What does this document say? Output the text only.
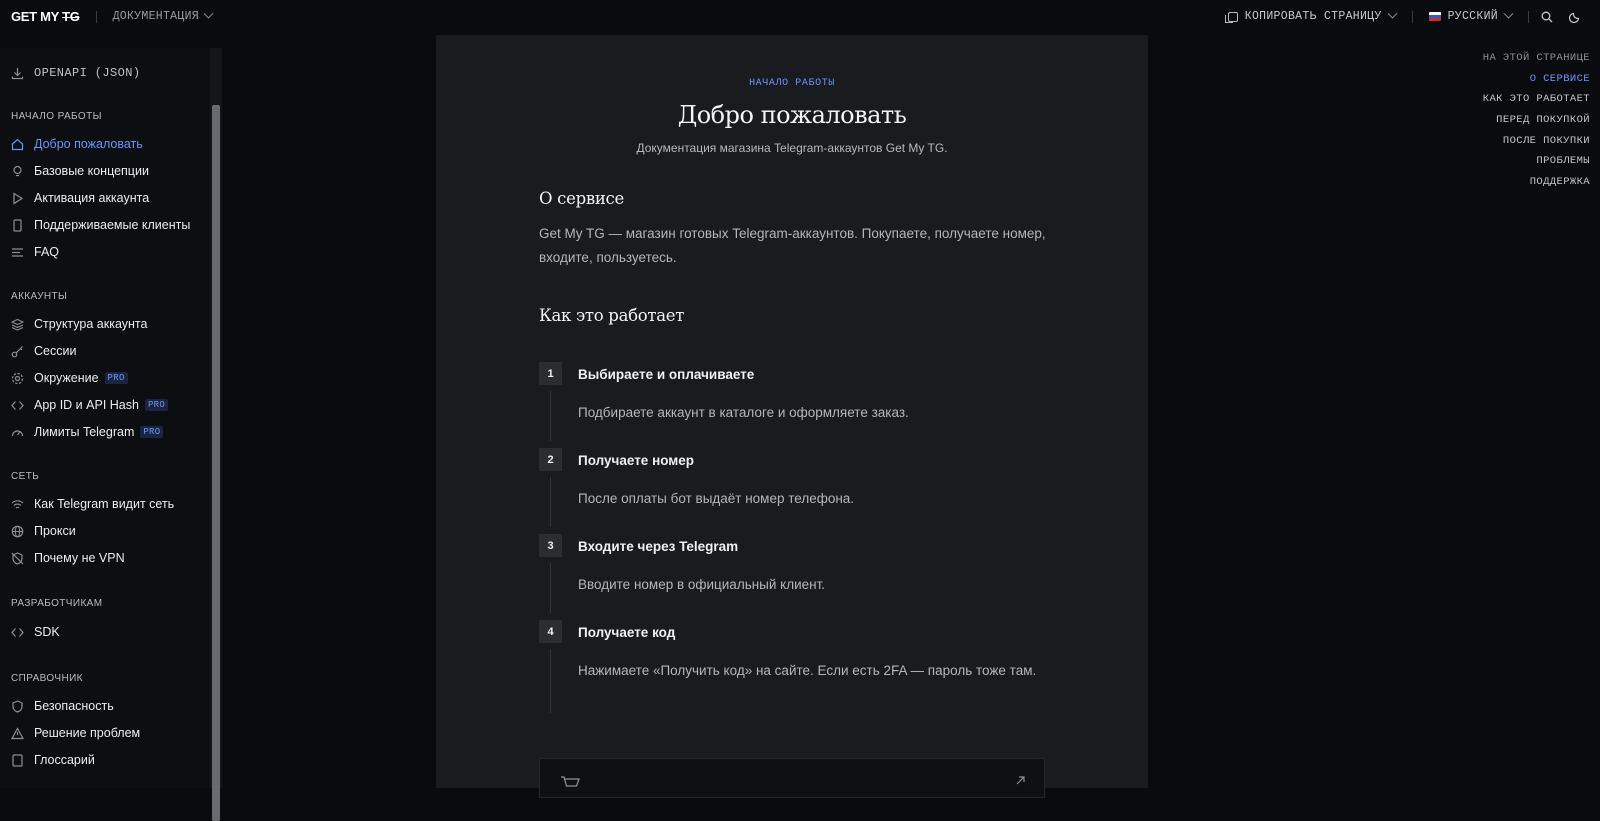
GET MY TG	ДОКУМЕНТАЦИЯ	КОПИРОВАТЬ СТРАНИЦУ	РУССКИЙ
OPENAPI (JSON)
НАЧАЛО РАБОТЫ
Добро пожаловать
Базовые концепции
Активация аккаунта
Поддерживаемые клиенты
FAQ
АККАУНТЫ
Структура аккаунта
Сессии
Окружение	PRO
App ID и API Hash	PRO
Лимиты Telegram	PRO
СЕТЬ
Как Telegram видит сеть
Прокси
Почему не VPN
РАЗРАБОТЧИКАМ
SDK
СПРАВОЧНИК
Безопасность
Решение проблем
Глоссарий
НАЧАЛО РАБОТЫ
Добро пожаловать
Документация магазина Telegram-аккаунтов Get My TG.
О сервисе
Get My TG — магазин готовых Telegram-аккаунтов. Покупаете, получаете номер, входите, пользуетесь.
Как это работает
1	Выбираете и оплачиваете
Подбираете аккаунт в каталоге и оформляете заказ.
2	Получаете номер
После оплаты бот выдаёт номер телефона.
3	Входите через Telegram
Вводите номер в официальный клиент.
4	Получаете код
Нажимаете «Получить код» на сайте. Если есть 2FA — пароль тоже там.
НА ЭТОЙ СТРАНИЦЕ
О СЕРВИСЕ
КАК ЭТО РАБОТАЕТ
ПЕРЕД ПОКУПКОЙ
ПОСЛЕ ПОКУПКИ
ПРОБЛЕМЫ
ПОДДЕРЖКА
